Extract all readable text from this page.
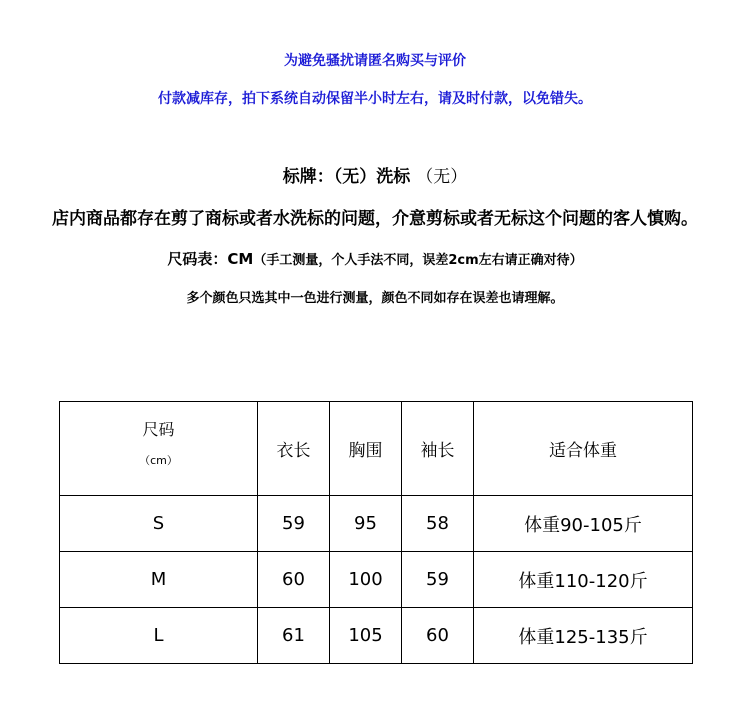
为避免骚扰请匿名购买与评价
付款减库存，拍下系统自动保留半小时左右，请及时付款，以免错失。
标牌：（无）洗标 （无）
店内商品都存在剪了商标或者水洗标的问题，介意剪标或者无标这个问题的客人慎购。
尺码表：CM（手工测量，个人手法不同，误差2cm左右请正确对待）
多个颜色只选其中一色进行测量，颜色不同如存在误差也请理解。
尺码
（cm）	衣长	胸围	袖长	适合体重
S	59	95	58	体重90-105斤
M	60	100	59	体重110-120斤
L	61	105	60	体重125-135斤
